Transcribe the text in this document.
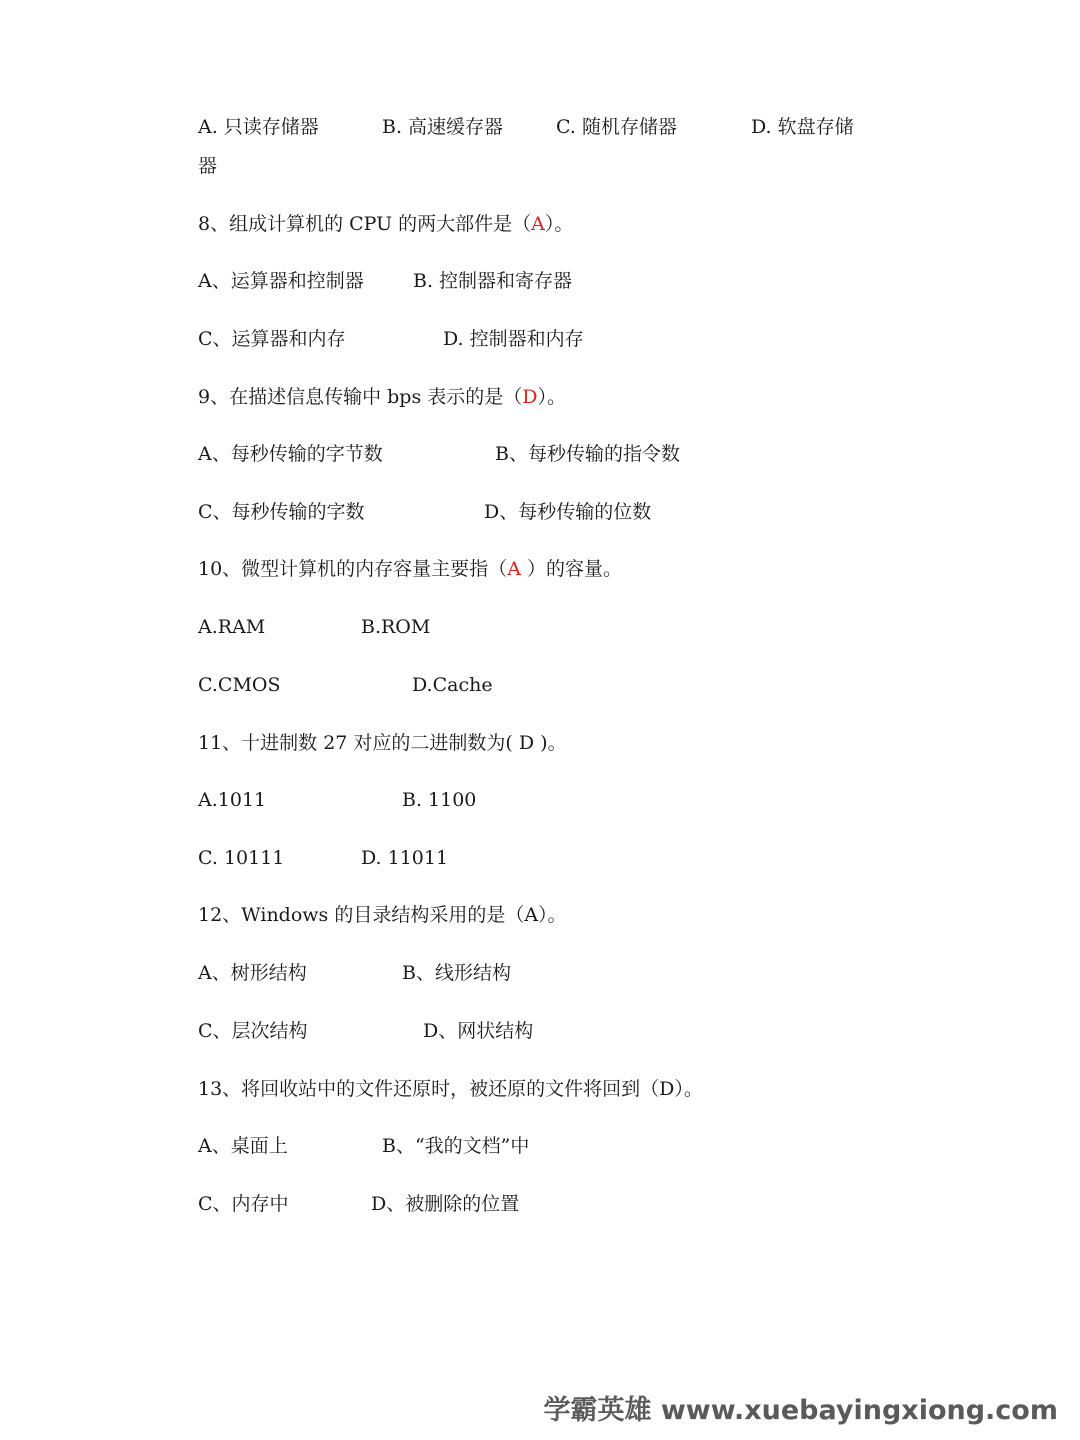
A. 只读存储器	B. 高速缓存器	C. 随机存储器	D. 软盘存储
器
8、组成计算机的 CPU 的两大部件是（A）。
A、运算器和控制器	B. 控制器和寄存器
C、运算器和内存	D. 控制器和内存
9、在描述信息传输中 bps 表示的是（D）。
A、每秒传输的字节数	B、每秒传输的指令数
C、每秒传输的字数	D、每秒传输的位数
10、微型计算机的内存容量主要指（A ）的容量。
A.RAM	B.ROM
C.CMOS	D.Cache
11、十进制数 27 对应的二进制数为( D )。
A.1011	B. 1100
C. 10111	D. 11011
12、Windows 的目录结构采用的是（A）。
A、树形结构	B、线形结构
C、层次结构	D、网状结构
13、将回收站中的文件还原时，被还原的文件将回到（D）。
A、桌面上	B、“我的文档”中
C、内存中	D、被删除的位置
学霸英雄 www.xuebayingxiong.com
